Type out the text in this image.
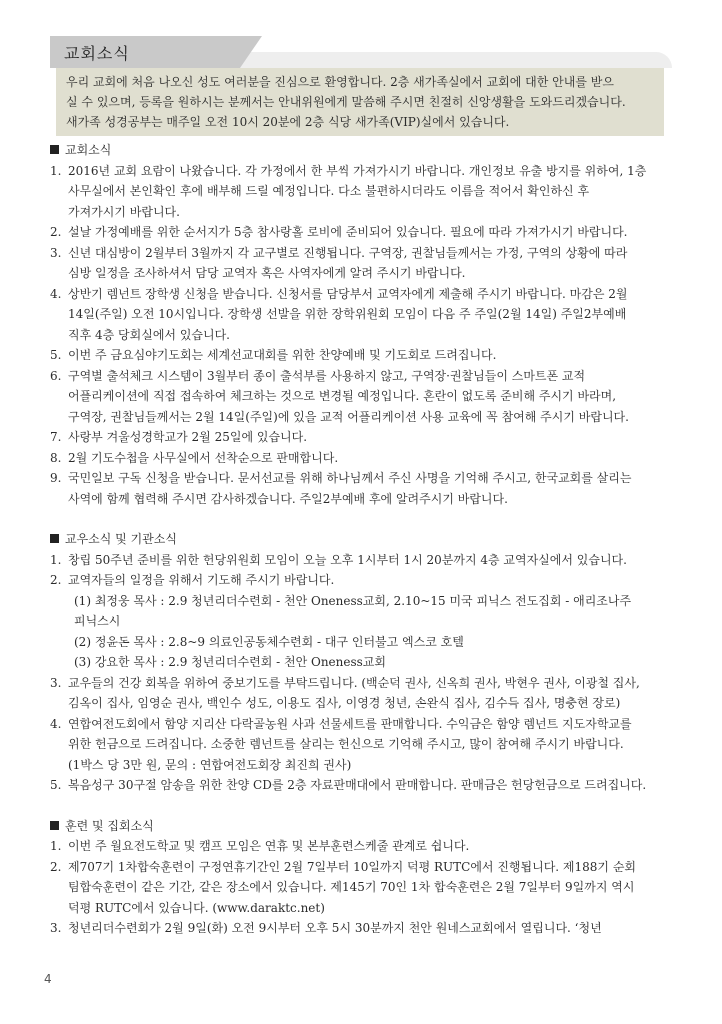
교회소식

우리 교회에 처음 나오신 성도 여러분을 진심으로 환영합니다. 2층 새가족실에서 교회에 대한 안내를 받으

실 수 있으며, 등록을 원하시는 분께서는 안내위원에게 말씀해 주시면 친절히 신앙생활을 도와드리겠습니다.

새가족 성경공부는 매주일 오전 10시 20분에 2층 식당 새가족(VIP)실에서 있습니다.

교회소식
1. 2016년 교회 요람이 나왔습니다. 각 가정에서 한 부씩 가져가시기 바랍니다. 개인정보 유출 방지를 위하여, 1층
사무실에서 본인확인 후에 배부해 드릴 예정입니다. 다소 불편하시더라도 이름을 적어서 확인하신 후
가져가시기 바랍니다.
2. 설날 가정예배를 위한 순서지가 5층 참사랑홀 로비에 준비되어 있습니다. 필요에 따라 가져가시기 바랍니다.
3. 신년 대심방이 2월부터 3월까지 각 교구별로 진행됩니다. 구역장, 권찰님들께서는 가정, 구역의 상황에 따라
심방 일정을 조사하셔서 담당 교역자 혹은 사역자에게 알려 주시기 바랍니다.
4. 상반기 렘넌트 장학생 신청을 받습니다. 신청서를 담당부서 교역자에게 제출해 주시기 바랍니다. 마감은 2월
14일(주일) 오전 10시입니다. 장학생 선발을 위한 장학위원회 모임이 다음 주 주일(2월 14일) 주일2부예배
직후 4층 당회실에서 있습니다.
5. 이번 주 금요심야기도회는 세계선교대회를 위한 찬양예배 및 기도회로 드려집니다.
6. 구역별 출석체크 시스템이 3월부터 종이 출석부를 사용하지 않고, 구역장·권찰님들이 스마트폰 교적
어플리케이션에 직접 접속하여 체크하는 것으로 변경될 예정입니다. 혼란이 없도록 준비해 주시기 바라며,
구역장, 권찰님들께서는 2월 14일(주일)에 있을 교적 어플리케이션 사용 교육에 꼭 참여해 주시기 바랍니다.
7. 사랑부 겨울성경학교가 2월 25일에 있습니다.
8. 2월 기도수첩을 사무실에서 선착순으로 판매합니다.
9. 국민일보 구독 신청을 받습니다. 문서선교를 위해 하나님께서 주신 사명을 기억해 주시고, 한국교회를 살리는
사역에 함께 협력해 주시면 감사하겠습니다. 주일2부예배 후에 알려주시기 바랍니다.
교우소식 및 기관소식
1. 창립 50주년 준비를 위한 헌당위원회 모임이 오늘 오후 1시부터 1시 20분까지 4층 교역자실에서 있습니다.
2. 교역자들의 일정을 위해서 기도해 주시기 바랍니다.
(1) 최정웅 목사 : 2.9 청년리더수련회 - 천안 Oneness교회, 2.10~15 미국 피닉스 전도집회 - 애리조나주
피닉스시
(2) 정윤돈 목사 : 2.8~9 의료인공동체수련회 - 대구 인터불고 엑스코 호텔
(3) 강요한 목사 : 2.9 청년리더수련회 - 천안 Oneness교회
3. 교우들의 건강 회복을 위하여 중보기도를 부탁드립니다. (백순덕 권사, 신옥희 권사, 박현우 권사, 이광철 집사,
김옥이 집사, 임영순 권사, 백인수 성도, 이용도 집사, 이영경 청년, 손완식 집사, 김수득 집사, 명충현 장로)
4. 연합여전도회에서 함양 지리산 다락골농원 사과 선물세트를 판매합니다. 수익금은 함양 렘넌트 지도자학교를
위한 헌금으로 드려집니다. 소중한 렘넌트를 살리는 헌신으로 기억해 주시고, 많이 참여해 주시기 바랍니다.
(1박스 당 3만 원, 문의 : 연합여전도회장 최진희 권사)
5. 복음성구 30구절 암송을 위한 찬양 CD를 2층 자료판매대에서 판매합니다. 판매금은 헌당헌금으로 드려집니다.
훈련 및 집회소식
1. 이번 주 월요전도학교 및 캠프 모임은 연휴 및 본부훈련스케줄 관계로 쉽니다.
2. 제707기 1차합숙훈련이 구정연휴기간인 2월 7일부터 10일까지 덕평 RUTC에서 진행됩니다. 제188기 순회
팀합숙훈련이 같은 기간, 같은 장소에서 있습니다. 제145기 70인 1차 합숙훈련은 2월 7일부터 9일까지 역시
덕평 RUTC에서 있습니다. (www.daraktc.net)
3. 청년리더수련회가 2월 9일(화) 오전 9시부터 오후 5시 30분까지 천안 원네스교회에서 열립니다. ‘청년
4
